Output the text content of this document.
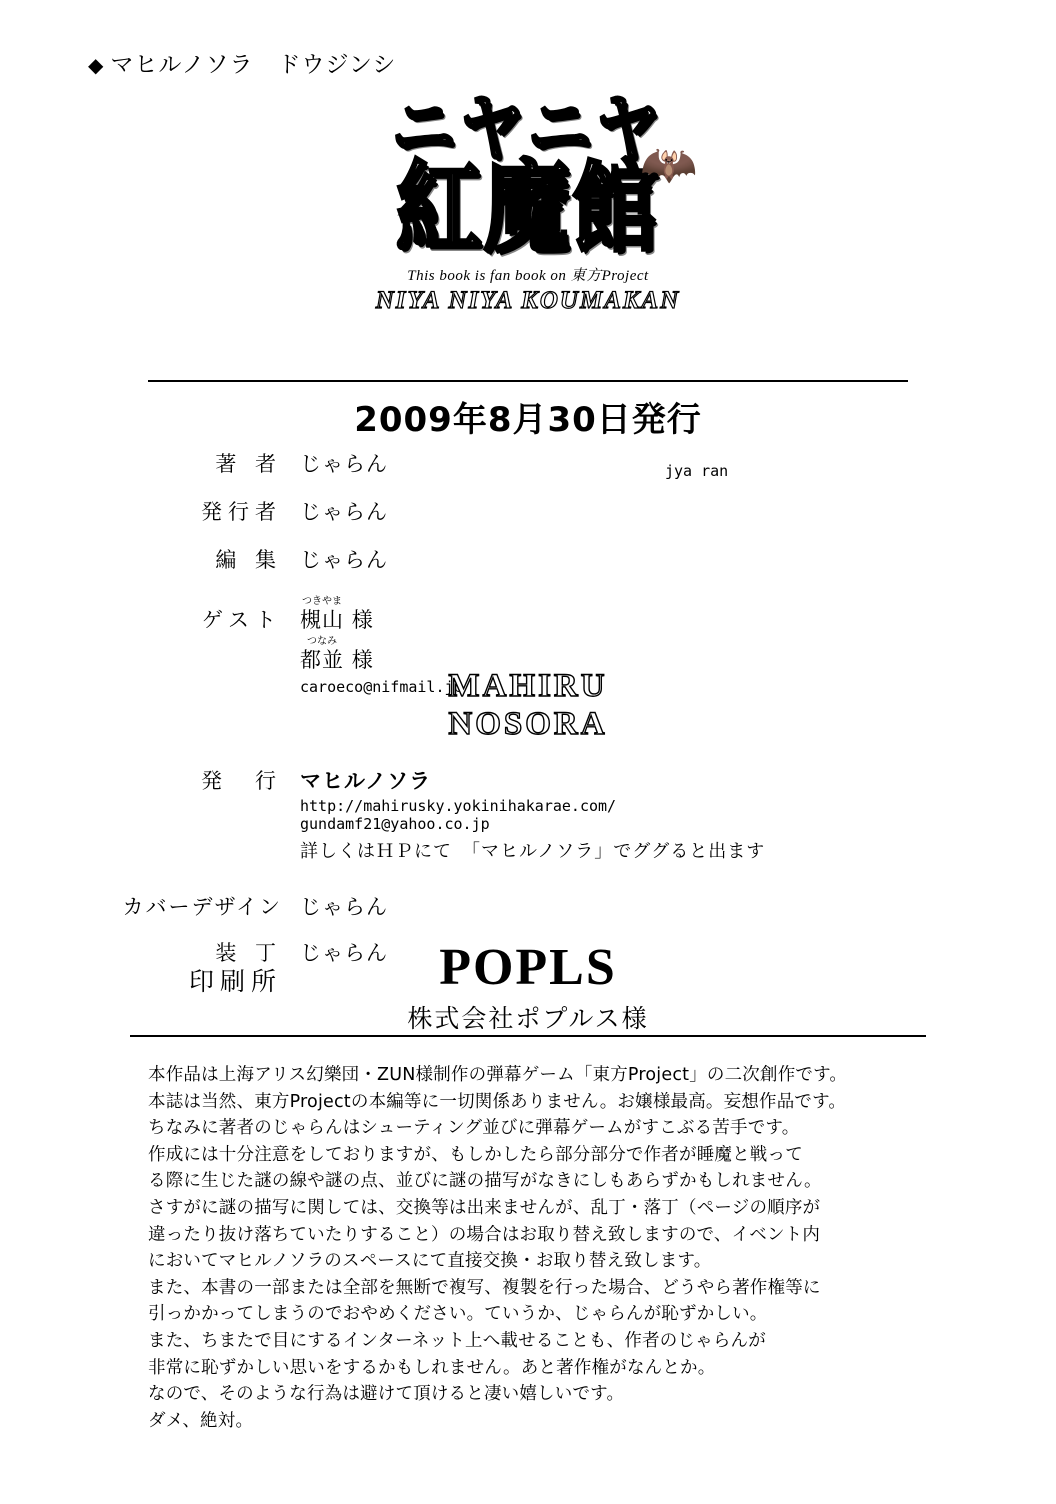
◆ マヒルノソラ　ドウジンシ
ニヤニヤ
紅魔館
This book is fan book on 東方Project
NIYA NIYA KOUMAKAN
🦇
2009年8月30日発行
著 者 じゃらん	jya ran
発行者 じゃらん
編 集 じゃらん
ゲスト
つきやま
槻山 様
つなみ
都並 様
caroeco@nifmail.jp
MAHIRU
NOSORA
発　行 マヒルノソラ
http://mahirusky.yokinihakarae.com/
gundamf21@yahoo.co.jp
詳しくはＨＰにて　「マヒルノソラ」でググると出ます
カバーデザイン じゃらん
装 丁 じゃらん
印刷所	POPLS
株式会社ポプルス様

本作品は上海アリス幻樂団・ZUN様制作の弾幕ゲーム「東方Project」の二次創作です。

本誌は当然、東方Projectの本編等に一切関係ありません。お嬢様最高。妄想作品です。

ちなみに著者のじゃらんはシューティング並びに弾幕ゲームがすこぶる苦手です。

作成には十分注意をしておりますが、もしかしたら部分部分で作者が睡魔と戦って

る際に生じた謎の線や謎の点、並びに謎の描写がなきにしもあらずかもしれません。

さすがに謎の描写に関しては、交換等は出来ませんが、乱丁・落丁（ページの順序が

違ったり抜け落ちていたりすること）の場合はお取り替え致しますので、イベント内

においてマヒルノソラのスペースにて直接交換・お取り替え致します。

また、本書の一部または全部を無断で複写、複製を行った場合、どうやら著作権等に

引っかかってしまうのでおやめください。ていうか、じゃらんが恥ずかしい。

また、ちまたで目にするインターネット上へ載せることも、作者のじゃらんが

非常に恥ずかしい思いをするかもしれません。あと著作権がなんとか。

なので、そのような行為は避けて頂けると凄い嬉しいです。

ダメ、絶対。
